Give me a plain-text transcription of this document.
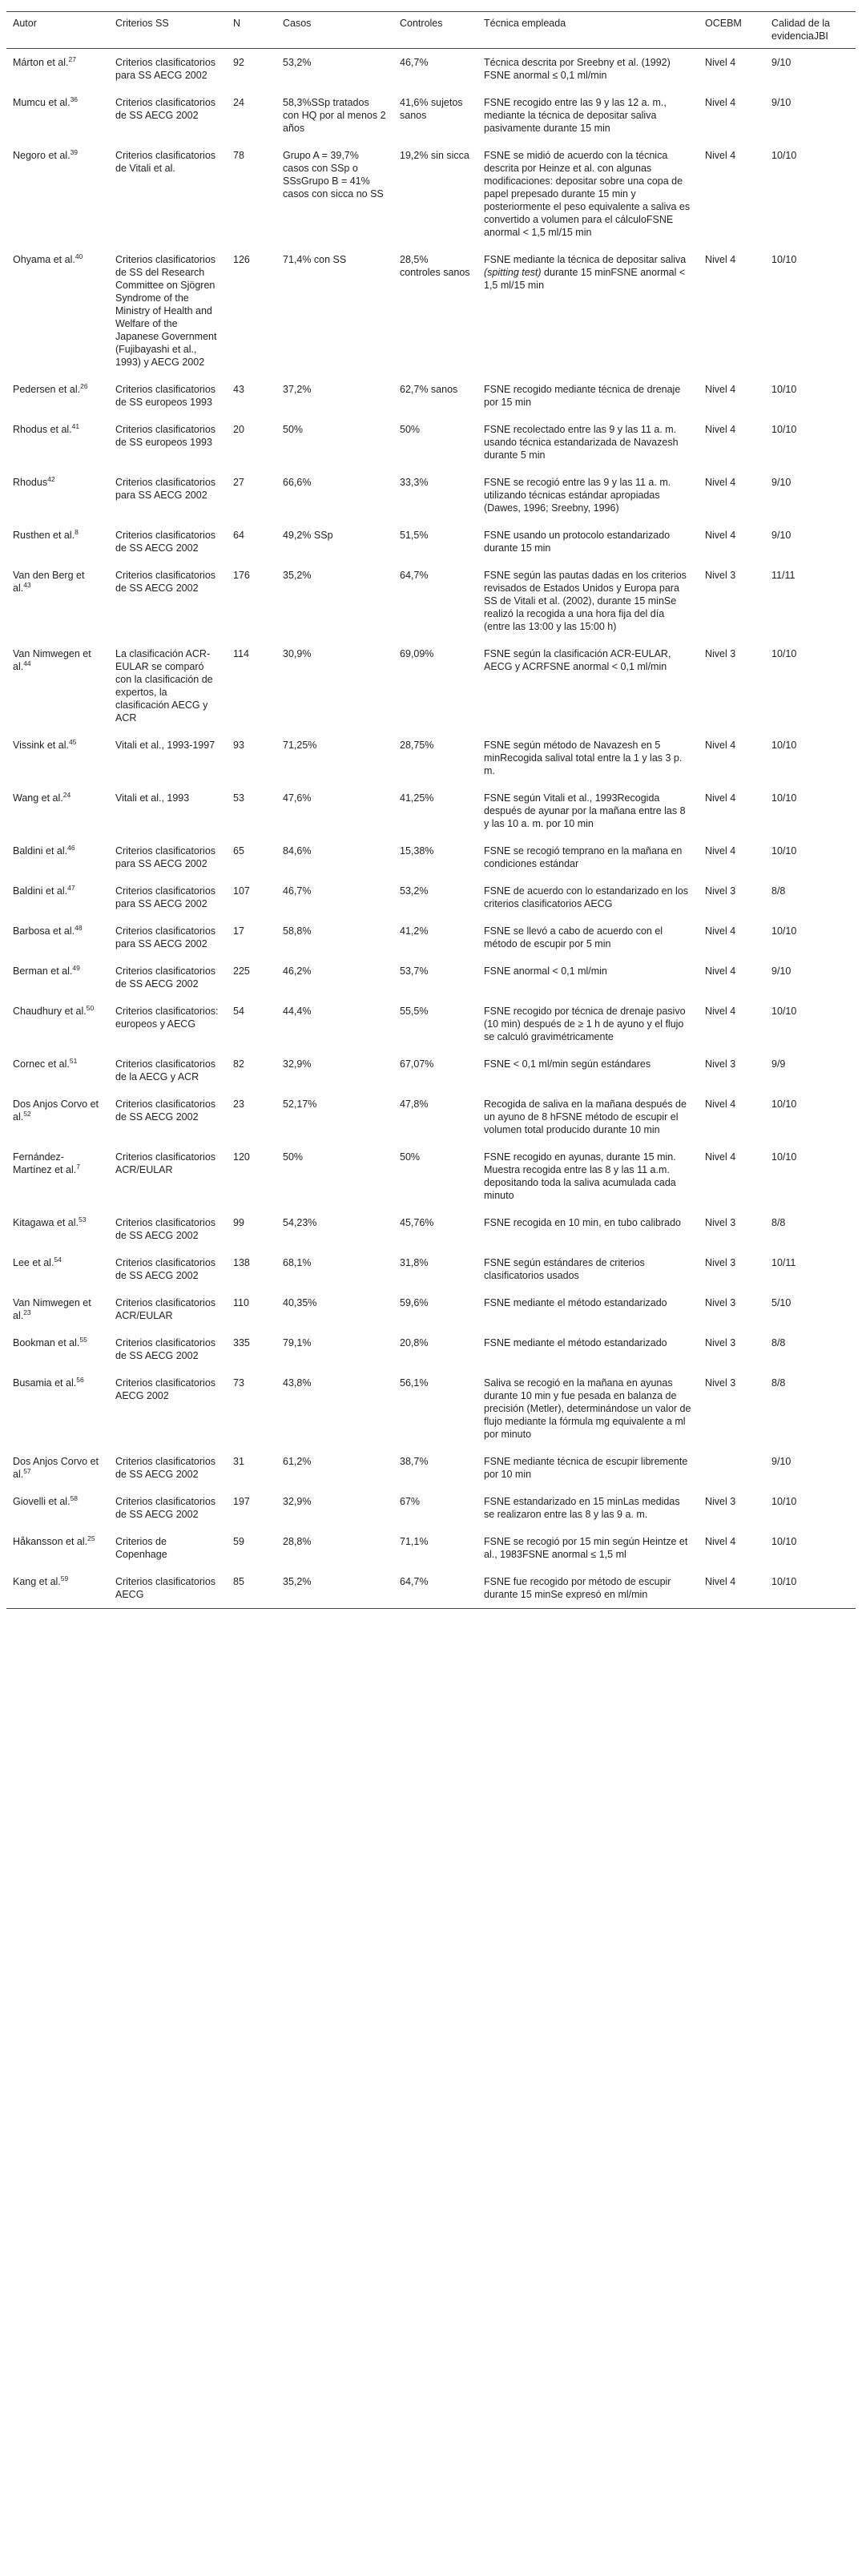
Autor	Criterios SS	N	Casos	Controles	Técnica empleada	OCEBM	Calidad de la evidenciaJBI
Márton et al.$^{27}$	Criterios clasificatorios para SS AECG 2002	92	53,2%	46,7%	Técnica descrita por Sreebny et al. (1992) FSNE anormal ≤ 0,1 ml/min	Nivel 4	9/10
Mumcu et al.$^{36}$	Criterios clasificatorios de SS AECG 2002	24	58,3%SSp tratados con HQ por al menos 2 años	41,6% sujetos sanos	FSNE recogido entre las 9 y las 12 a. m., mediante la técnica de depositar saliva pasivamente durante 15 min	Nivel 4	9/10
Negoro et al.$^{39}$	Criterios clasificatorios de Vitali et al.	78	Grupo A = 39,7% casos con SSp o SSsGrupo B = 41% casos con sicca no SS	19,2% sin sicca	FSNE se midió de acuerdo con la técnica descrita por Heinze et al. con algunas modificaciones: depositar sobre una copa de papel prepesado durante 15 min y posteriormente el peso equivalente a saliva es convertido a volumen para el cálculoFSNE anormal < 1,5 ml/15 min	Nivel 4	10/10
Ohyama et al.$^{40}$	Criterios clasificatorios de SS del Research Committee on Sjögren Syndrome of the Ministry of Health and Welfare of the Japanese Government (Fujibayashi et al., 1993) y AECG 2002	126	71,4% con SS	28,5% controles sanos	FSNE mediante la técnica de depositar saliva (spitting test) durante 15 minFSNE anormal < 1,5 ml/15 min	Nivel 4	10/10
Pedersen et al.$^{26}$	Criterios clasificatorios de SS europeos 1993	43	37,2%	62,7% sanos	FSNE recogido mediante técnica de drenaje por 15 min	Nivel 4	10/10
Rhodus et al.$^{41}$	Criterios clasificatorios de SS europeos 1993	20	50%	50%	FSNE recolectado entre las 9 y las 11 a. m. usando técnica estandarizada de Navazesh durante 5 min	Nivel 4	10/10
Rhodus$^{42}$	Criterios clasificatorios para SS AECG 2002	27	66,6%	33,3%	FSNE se recogió entre las 9 y las 11 a. m. utilizando técnicas estándar apropiadas (Dawes, 1996; Sreebny, 1996)	Nivel 4	9/10
Rusthen et al.$^8$	Criterios clasificatorios de SS AECG 2002	64	49,2% SSp	51,5%	FSNE usando un protocolo estandarizado durante 15 min	Nivel 4	9/10
Van den Berg et al.$^{43}$	Criterios clasificatorios de SS AECG 2002	176	35,2%	64,7%	FSNE según las pautas dadas en los criterios revisados de Estados Unidos y Europa para SS de Vitali et al. (2002), durante 15 minSe realizó la recogida a una hora fija del día (entre las 13:00 y las 15:00 h)	Nivel 3	11/11
Van Nimwegen et al.$^{44}$	La clasificación ACR-EULAR se comparó con la clasificación de expertos, la clasificación AECG y ACR	114	30,9%	69,09%	FSNE según la clasificación ACR-EULAR, AECG y ACRFSNE anormal < 0,1 ml/min	Nivel 3	10/10
Vissink et al.$^{45}$	Vitali et al., 1993-1997	93	71,25%	28,75%	FSNE según método de Navazesh en 5 minRecogida salival total entre la 1 y las 3 p. m.	Nivel 4	10/10
Wang et al.$^{24}$	Vitali et al., 1993	53	47,6%	41,25%	FSNE según Vitali et al., 1993Recogida después de ayunar por la mañana entre las 8 y las 10 a. m. por 10 min	Nivel 4	10/10
Baldini et al.$^{46}$	Criterios clasificatorios para SS AECG 2002	65	84,6%	15,38%	FSNE se recogió temprano en la mañana en condiciones estándar	Nivel 4	10/10
Baldini et al.$^{47}$	Criterios clasificatorios para SS AECG 2002	107	46,7%	53,2%	FSNE de acuerdo con lo estandarizado en los criterios clasificatorios AECG	Nivel 3	8/8
Barbosa et al.$^{48}$	Criterios clasificatorios para SS AECG 2002	17	58,8%	41,2%	FSNE se llevó a cabo de acuerdo con el método de escupir por 5 min	Nivel 4	10/10
Berman et al.$^{49}$	Criterios clasificatorios de SS AECG 2002	225	46,2%	53,7%	FSNE anormal < 0,1 ml/min	Nivel 4	9/10
Chaudhury et al.$^{50}$	Criterios clasificatorios: europeos y AECG	54	44,4%	55,5%	FSNE recogido por técnica de drenaje pasivo (10 min) después de ≥ 1 h de ayuno y el flujo se calculó gravimétricamente	Nivel 4	10/10
Cornec et al.$^{51}$	Criterios clasificatorios de la AECG y ACR	82	32,9%	67,07%	FSNE < 0,1 ml/min según estándares	Nivel 3	9/9
Dos Anjos Corvo et al.$^{52}$	Criterios clasificatorios de SS AECG 2002	23	52,17%	47,8%	Recogida de saliva en la mañana después de un ayuno de 8 hFSNE método de escupir el volumen total producido durante 10 min	Nivel 4	10/10
Fernández-Martínez et al.$^7$	Criterios clasificatorios ACR/EULAR	120	50%	50%	FSNE recogido en ayunas, durante 15 min. Muestra recogida entre las 8 y las 11 a.m. depositando toda la saliva acumulada cada minuto	Nivel 4	10/10
Kitagawa et al.$^{53}$	Criterios clasificatorios de SS AECG 2002	99	54,23%	45,76%	FSNE recogida en 10 min, en tubo calibrado	Nivel 3	8/8
Lee et al.$^{54}$	Criterios clasificatorios de SS AECG 2002	138	68,1%	31,8%	FSNE según estándares de criterios clasificatorios usados	Nivel 3	10/11
Van Nimwegen et al.$^{23}$	Criterios clasificatorios ACR/EULAR	110	40,35%	59,6%	FSNE mediante el método estandarizado	Nivel 3	5/10
Bookman et al.$^{55}$	Criterios clasificatorios de SS AECG 2002	335	79,1%	20,8%	FSNE mediante el método estandarizado	Nivel 3	8/8
Busamia et al.$^{56}$	Criterios clasificatorios AECG 2002	73	43,8%	56,1%	Saliva se recogió en la mañana en ayunas durante 10 min y fue pesada en balanza de precisión (Metler), determinándose un valor de flujo mediante la fórmula mg equivalente a ml por minuto	Nivel 3	8/8
Dos Anjos Corvo et al.$^{57}$	Criterios clasificatorios de SS AECG 2002	31	61,2%	38,7%	FSNE mediante técnica de escupir libremente por 10 min		9/10
Giovelli et al.$^{58}$	Criterios clasificatorios de SS AECG 2002	197	32,9%	67%	FSNE estandarizado en 15 minLas medidas se realizaron entre las 8 y las 9 a. m.	Nivel 3	10/10
Håkansson et al.$^{25}$	Criterios de Copenhage	59	28,8%	71,1%	FSNE se recogió por 15 min según Heintze et al., 1983FSNE anormal ≤ 1,5 ml	Nivel 4	10/10
Kang et al.$^{59}$	Criterios clasificatorios AECG	85	35,2%	64,7%	FSNE fue recogido por método de escupir durante 15 minSe expresó en ml/min	Nivel 4	10/10
